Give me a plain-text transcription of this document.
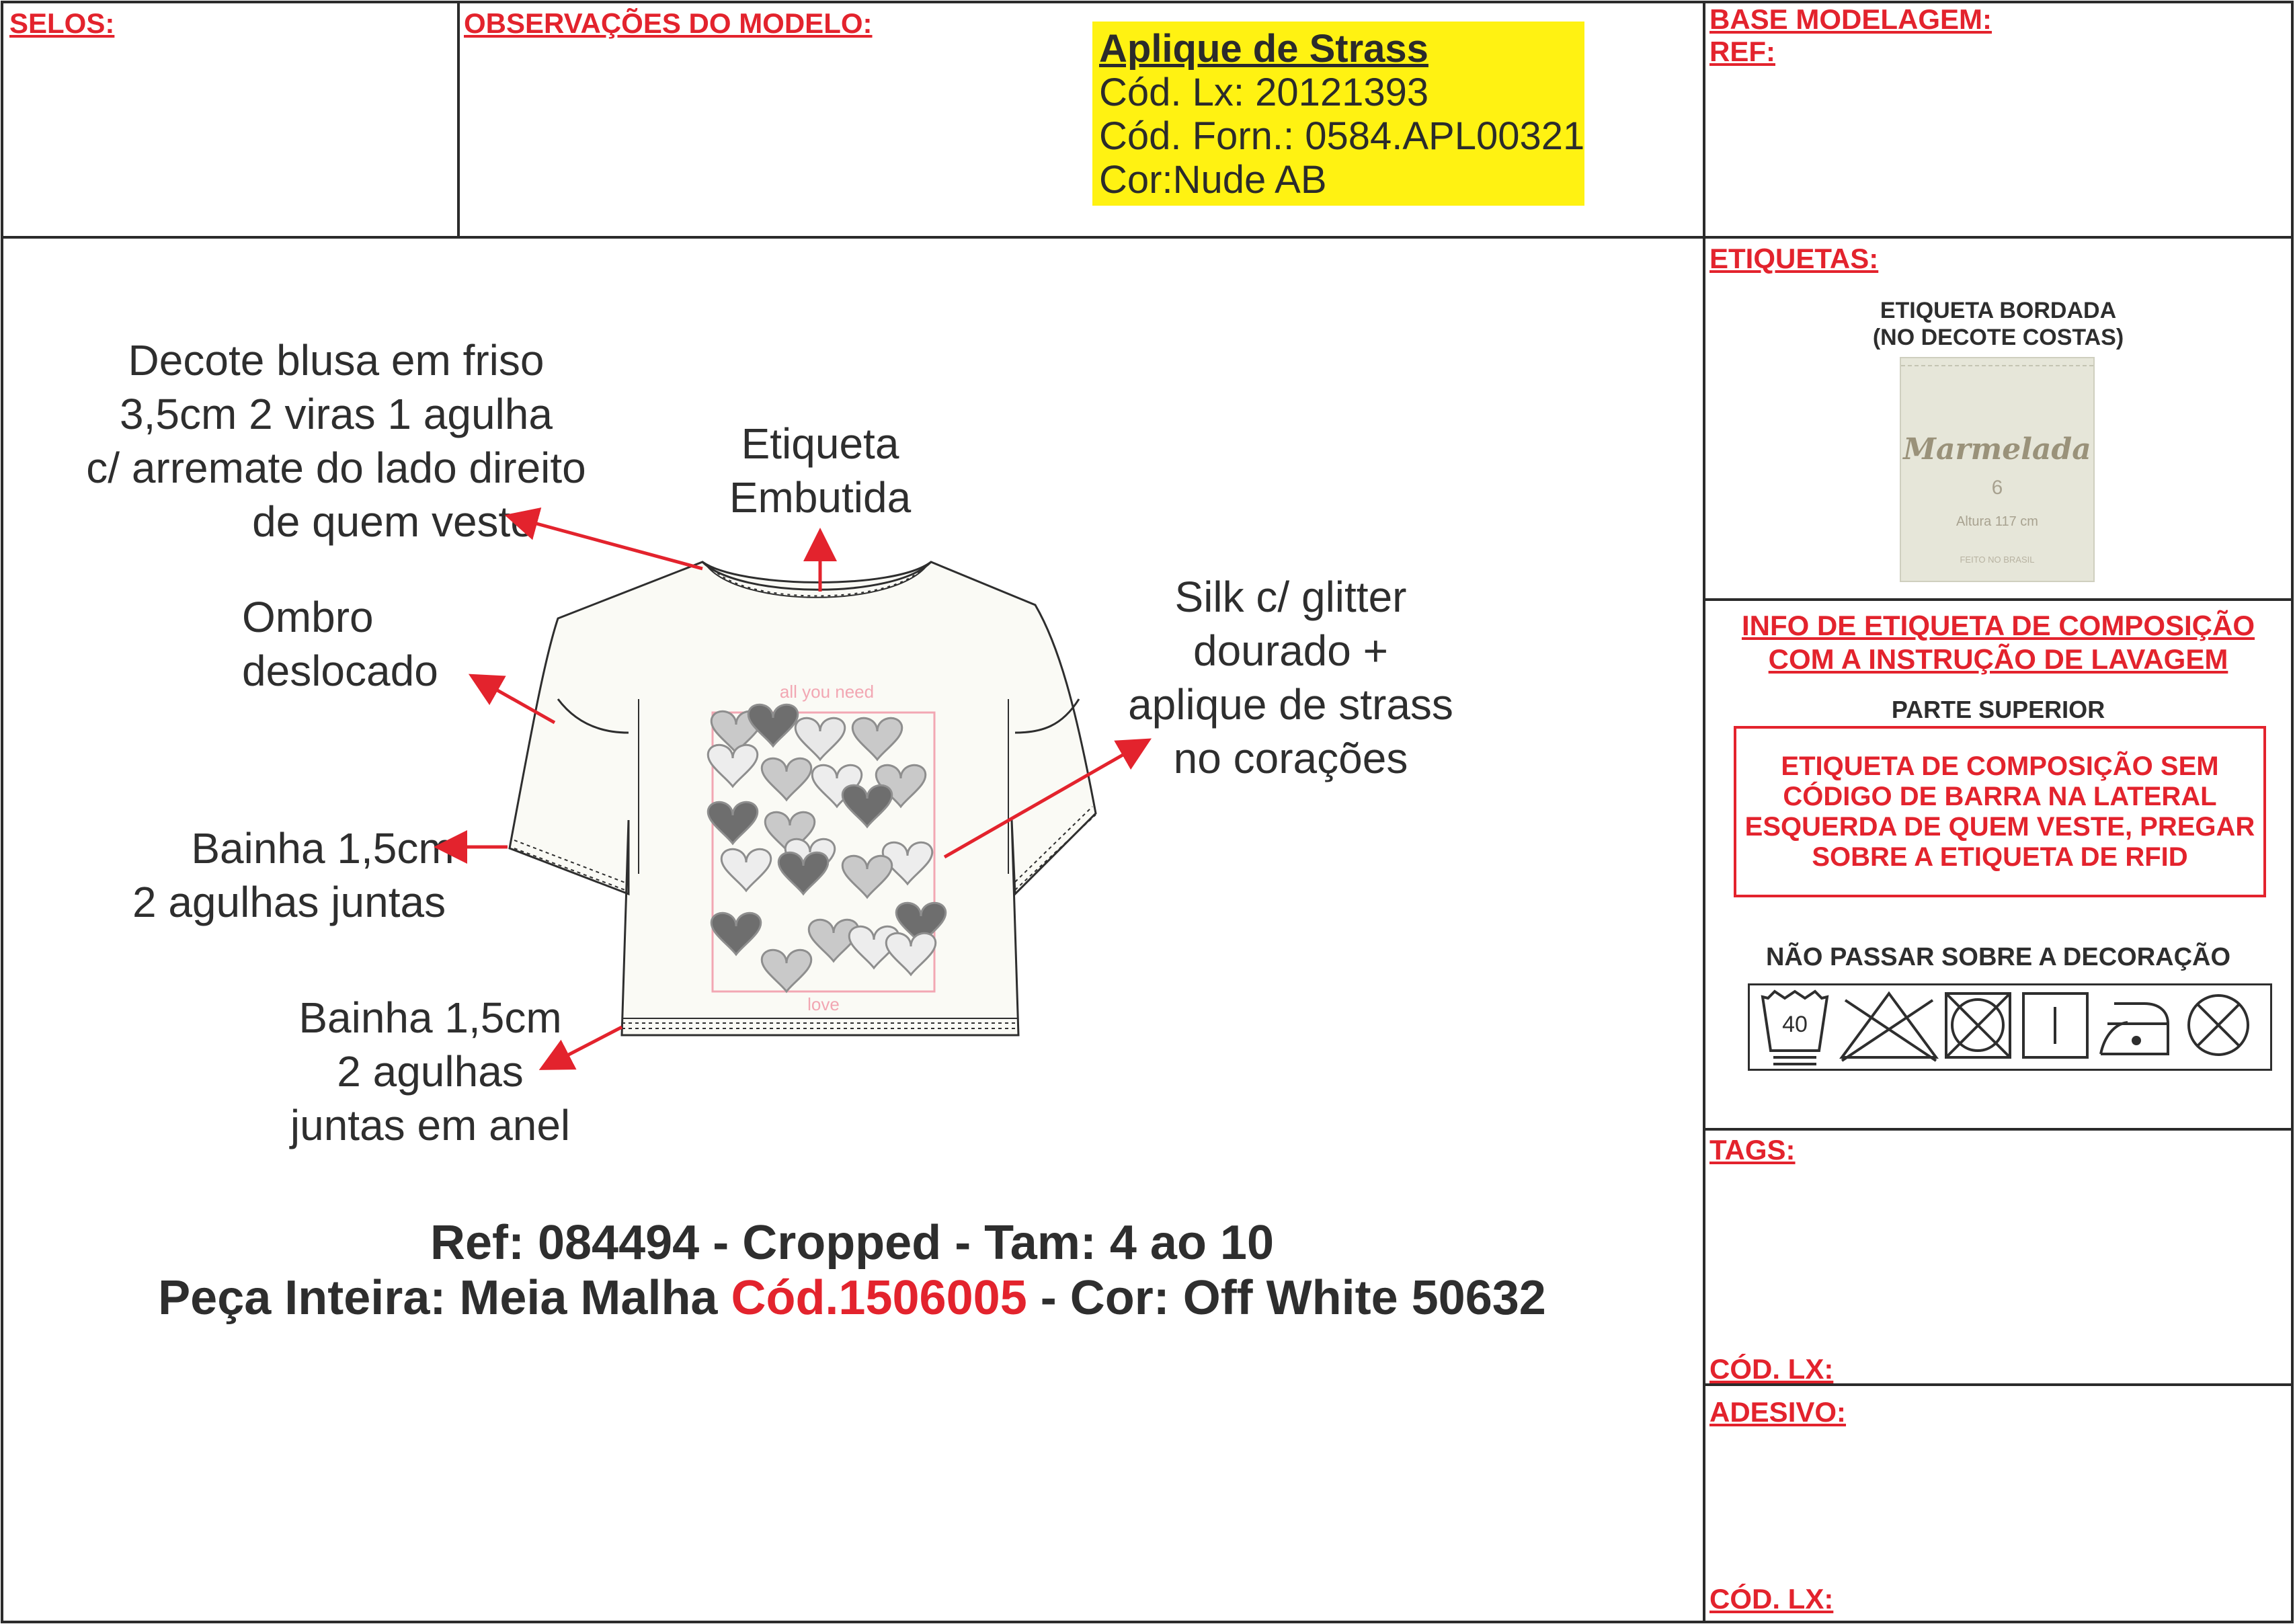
SELOS:	OBSERVAÇÕES DO MODELO:	BASE MODELAGEM:
REF:
Aplique de Strass
Cód. Lx: 20121393
Cód. Forn.: 0584.APL00321
Cor:Nude AB
Decote blusa em friso
3,5cm 2 viras 1 agulha
c/ arremate do lado direito
de quem veste
Etiqueta
Embutida
Ombro
deslocado
Silk c/ glitter
dourado +
aplique de strass
no corações
Bainha 1,5cm
2 agulhas juntas
Bainha 1,5cm
2 agulhas
juntas em anel
all you need
love
Ref: 084494 - Cropped - Tam: 4 ao 10
Peça Inteira: Meia Malha Cód.1506005 - Cor: Off White 50632
ETIQUETAS:
ETIQUETA BORDADA
(NO DECOTE COSTAS)
Marmelada
6
Altura 117 cm
FEITO NO BRASIL
INFO DE ETIQUETA DE COMPOSIÇÃO
COM A INSTRUÇÃO DE LAVAGEM
PARTE SUPERIOR
ETIQUETA DE COMPOSIÇÃO SEM
CÓDIGO DE BARRA NA LATERAL
ESQUERDA DE QUEM VESTE, PREGAR
SOBRE A ETIQUETA DE RFID
NÃO PASSAR SOBRE A DECORAÇÃO
40
TAGS:
CÓD. LX:
ADESIVO:
CÓD. LX:
